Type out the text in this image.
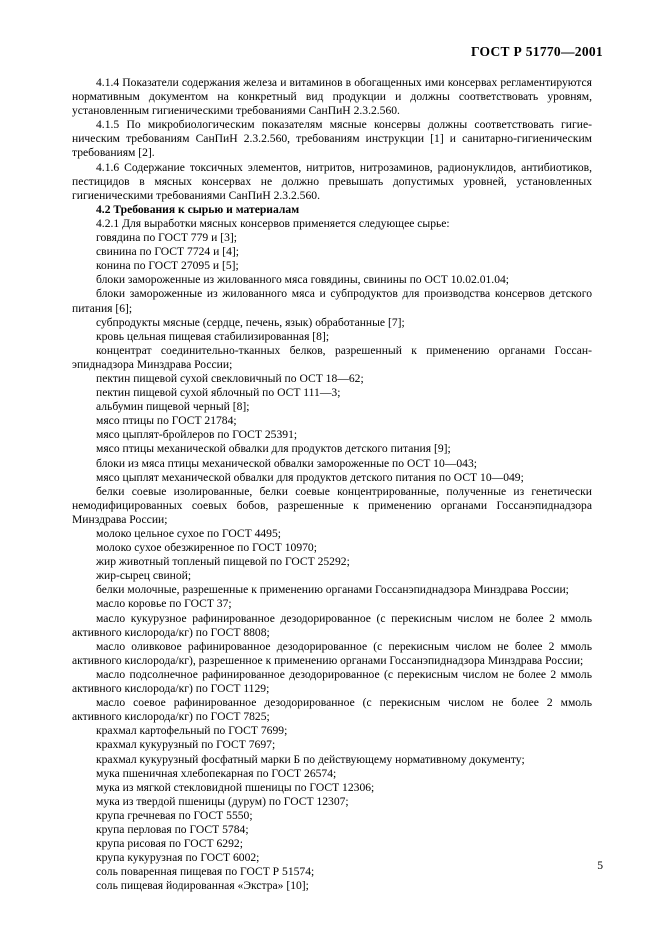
ГОСТ Р 51770—2001

4.1.4 Показатели содержания железа и витаминов в обогащенных ими консервах регламентируются нормативным документом на конкретный вид продукции и должны соответствовать уровням, установленным гигиеническими требованиями СанПиН 2.3.2.560.

4.1.5 По микробиологическим показателям мясные консервы должны соответствовать гигиеническим требованиям СанПиН 2.3.2.560, требованиям инструкции [1] и санитарно-гигиеническим требованиям [2].

4.1.6 Содержание токсичных элементов, нитритов, нитрозаминов, радионуклидов, антибиотиков, пестицидов в мясных консервах не должно превышать допустимых уровней, установленных гигиеническими требованиями СанПиН 2.3.2.560.

4.2 Требования к сырью и материалам

4.2.1 Для выработки мясных консервов применяется следующее сырье:

говядина по ГОСТ 779 и [3];

свинина по ГОСТ 7724 и [4];

конина по ГОСТ 27095 и [5];

блоки замороженные из жилованного мяса говядины, свинины по ОСТ 10.02.01.04;

блоки замороженные из жилованного мяса и субпродуктов для производства консервов детского питания [6];

субпродукты мясные (сердце, печень, язык) обработанные [7];

кровь цельная пищевая стабилизированная [8];

концентрат соединительно-тканных белков, разрешенный к применению органами Госсанэпиднадзора Минздрава России;

пектин пищевой сухой свекловичный по ОСТ 18—62;

пектин пищевой сухой яблочный по ОСТ 111—3;

альбумин пищевой черный [8];

мясо птицы по ГОСТ 21784;

мясо цыплят-бройлеров по ГОСТ 25391;

мясо птицы механической обвалки для продуктов детского питания [9];

блоки из мяса птицы механической обвалки замороженные по ОСТ 10—043;

мясо цыплят механической обвалки для продуктов детского питания по ОСТ 10—049;

белки соевые изолированные, белки соевые концентрированные, полученные из генетически немодифицированных соевых бобов, разрешенные к применению органами Госсанэпиднадзора Минздрава России;

молоко цельное сухое по ГОСТ 4495;

молоко сухое обезжиренное по ГОСТ 10970;

жир животный топленый пищевой по ГОСТ 25292;

жир-сырец свиной;

белки молочные, разрешенные к применению органами Госсанэпиднадзора Минздрава России;

масло коровье по ГОСТ 37;

масло кукурузное рафинированное дезодорированное (с перекисным числом не более 2 ммоль активного кислорода/кг) по ГОСТ 8808;

масло оливковое рафинированное дезодорированное (с перекисным числом не более 2 ммоль активного кислорода/кг), разрешенное к применению органами Госсанэпиднадзора Минздрава России;

масло подсолнечное рафинированное дезодорированное (с перекисным числом не более 2 ммоль активного кислорода/кг) по ГОСТ 1129;

масло соевое рафинированное дезодорированное (с перекисным числом не более 2 ммоль активного кислорода/кг) по ГОСТ 7825;

крахмал картофельный по ГОСТ 7699;

крахмал кукурузный по ГОСТ 7697;

крахмал кукурузный фосфатный марки Б по действующему нормативному документу;

мука пшеничная хлебопекарная по ГОСТ 26574;

мука из мягкой стекловидной пшеницы по ГОСТ 12306;

мука из твердой пшеницы (дурум) по ГОСТ 12307;

крупа гречневая по ГОСТ 5550;

крупа перловая по ГОСТ 5784;

крупа рисовая по ГОСТ 6292;

крупа кукурузная по ГОСТ 6002;

соль поваренная пищевая по ГОСТ Р 51574;

соль пищевая йодированная «Экстра» [10];

5
